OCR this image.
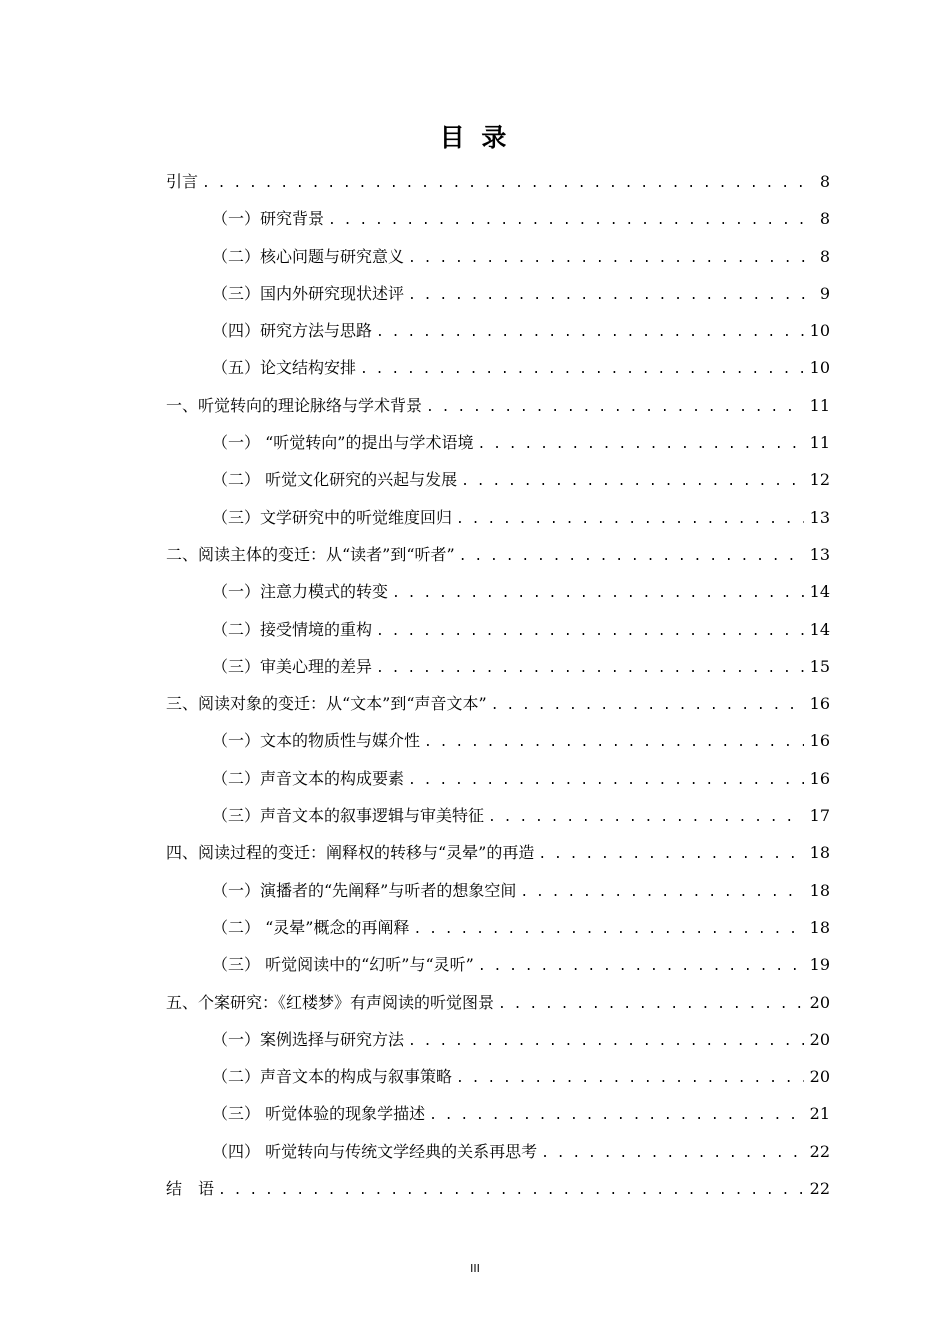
目 录
引言 . . .	8
（一）研究背景 . . .	8
（二）核心问题与研究意义 . . .	8
（三）国内外研究现状述评 . . .	9
（四）研究方法与思路 . . .	10
（五）论文结构安排 . . .	10
一、听觉转向的理论脉络与学术背景 . . .	11
（一） “听觉转向”的提出与学术语境 . . .	11
（二） 听觉文化研究的兴起与发展 . . .	12
（三）文学研究中的听觉维度回归 . . .	13
二、阅读主体的变迁：从“读者”到“听者” . . .	13
（一）注意力模式的转变 . . .	14
（二）接受情境的重构 . . .	14
（三）审美心理的差异 . . .	15
三、阅读对象的变迁：从“文本”到“声音文本” . . .	16
（一）文本的物质性与媒介性 . . .	16
（二）声音文本的构成要素 . . .	16
（三）声音文本的叙事逻辑与审美特征 . . .	17
四、阅读过程的变迁：阐释权的转移与“灵晕”的再造 . . .	18
（一）演播者的“先阐释”与听者的想象空间 . . .	18
（二） “灵晕”概念的再阐释 . . .	18
（三） 听觉阅读中的“幻听”与“灵听” . . .	19
五、个案研究：《红楼梦》有声阅读的听觉图景 . . .	20
（一）案例选择与研究方法 . . .	20
（二）声音文本的构成与叙事策略 . . .	20
（三） 听觉体验的现象学描述 . . .	21
（四） 听觉转向与传统文学经典的关系再思考 . . .	22
结　语 . . .	22
III
